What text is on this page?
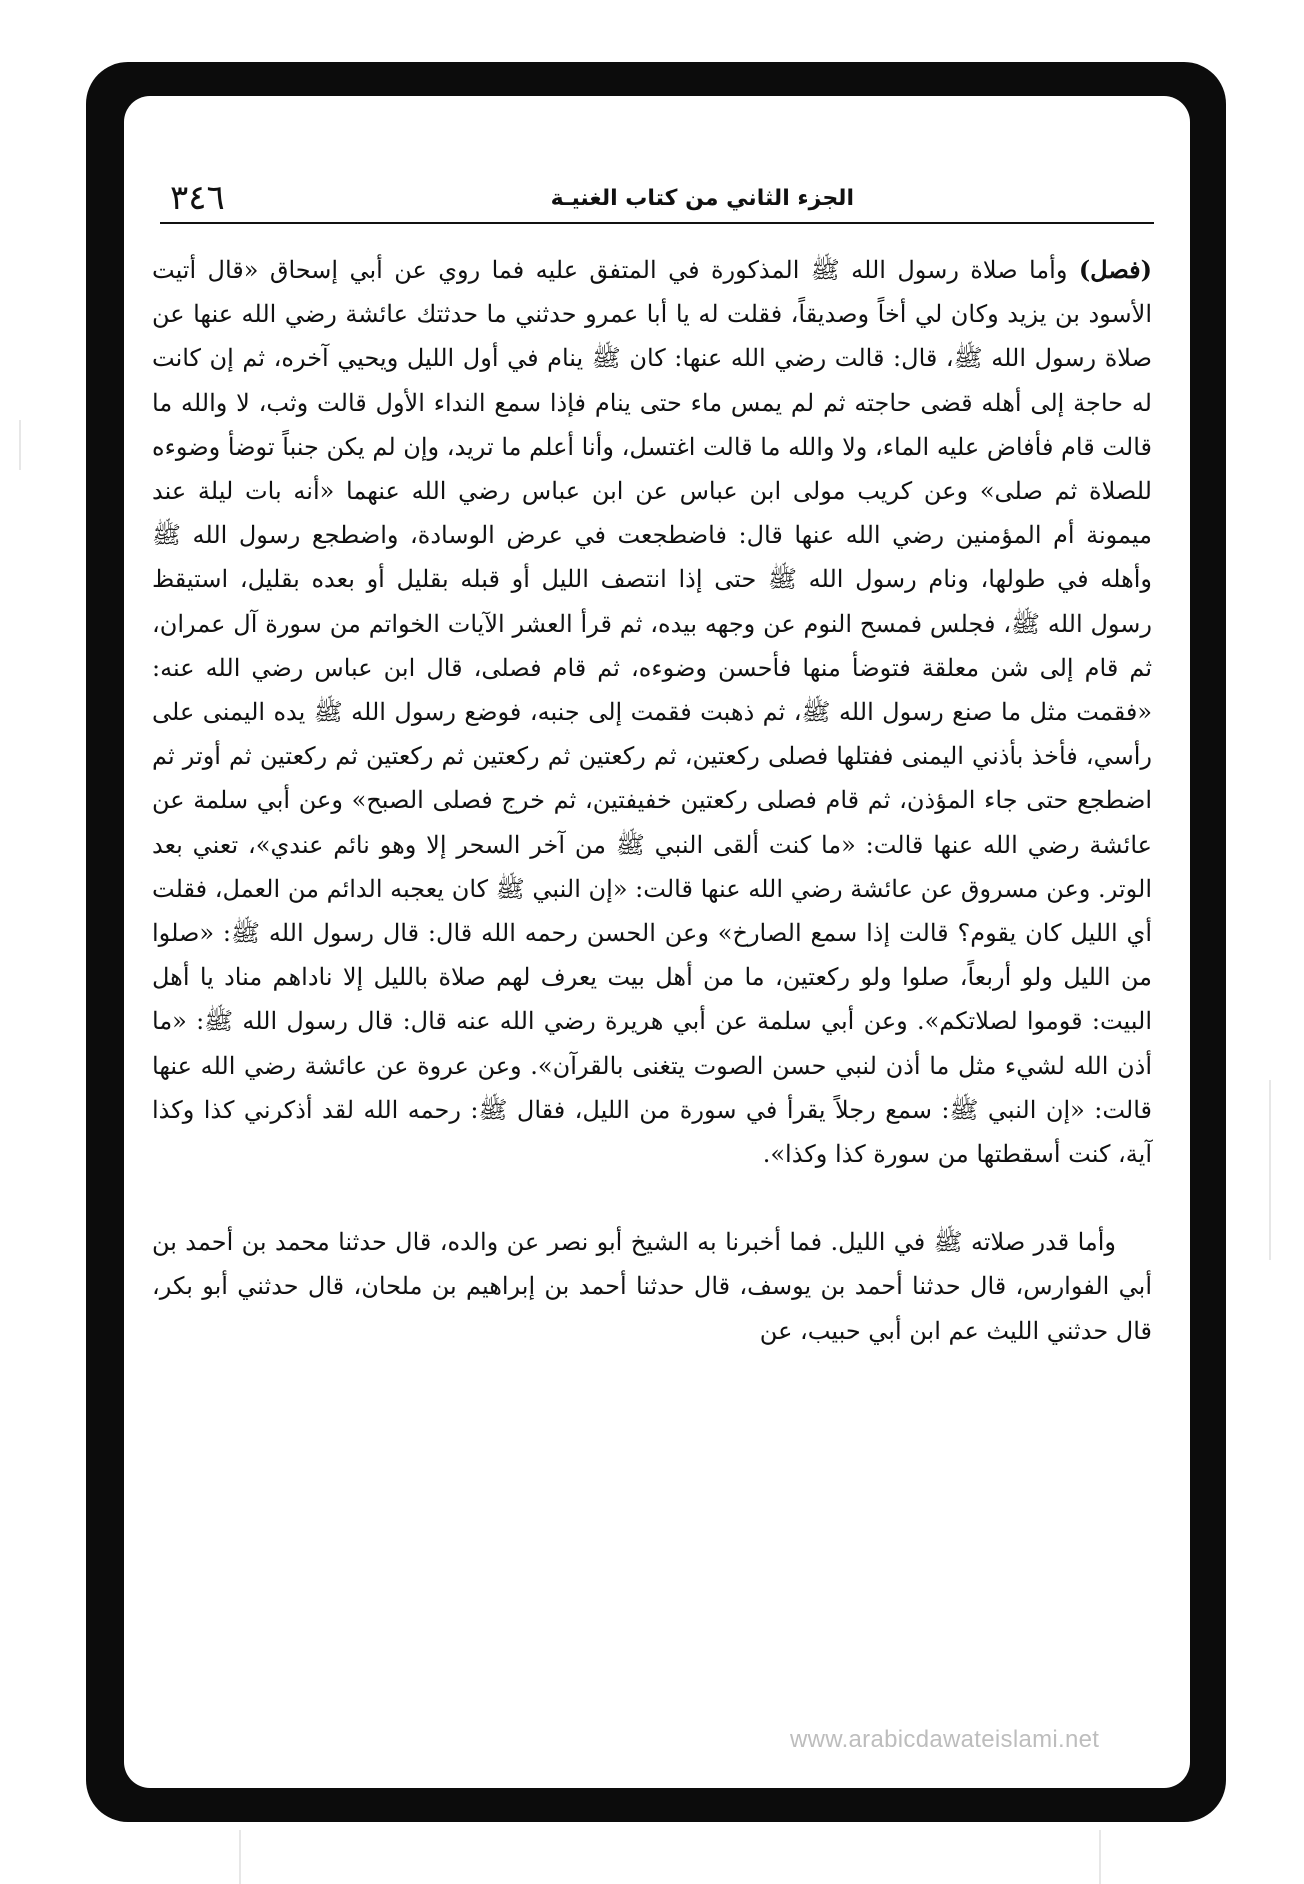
٣٤٦	الجزء الثاني من كتاب الغنيـة

(فصل) وأما صلاة رسول الله ﷺ المذكورة في المتفق عليه فما روي عن أبي إسحاق «قال أتيت الأسود بن يزيد وكان لي أخاً وصديقاً، فقلت له يا أبا عمرو حدثني ما حدثتك عائشة رضي الله عنها عن صلاة رسول الله ﷺ، قال: قالت رضي الله عنها: كان ﷺ ينام في أول الليل ويحيي آخره، ثم إن كانت له حاجة إلى أهله قضى حاجته ثم لم يمس ماء حتى ينام فإذا سمع النداء الأول قالت وثب، لا والله ما قالت قام فأفاض عليه الماء، ولا والله ما قالت اغتسل، وأنا أعلم ما تريد، وإن لم يكن جنباً توضأ وضوءه للصلاة ثم صلى» وعن كريب مولى ابن عباس عن ابن عباس رضي الله عنهما «أنه بات ليلة عند ميمونة أم المؤمنين رضي الله عنها قال: فاضطجعت في عرض الوسادة، واضطجع رسول الله ﷺ وأهله في طولها، ونام رسول الله ﷺ حتى إذا انتصف الليل أو قبله بقليل أو بعده بقليل، استيقظ رسول الله ﷺ، فجلس فمسح النوم عن وجهه بيده، ثم قرأ العشر الآيات الخواتم من سورة آل عمران، ثم قام إلى شن معلقة فتوضأ منها فأحسن وضوءه، ثم قام فصلى، قال ابن عباس رضي الله عنه: «فقمت مثل ما صنع رسول الله ﷺ، ثم ذهبت فقمت إلى جنبه، فوضع رسول الله ﷺ يده اليمنى على رأسي، فأخذ بأذني اليمنى ففتلها فصلى ركعتين، ثم ركعتين ثم ركعتين ثم ركعتين ثم ركعتين ثم أوتر ثم اضطجع حتى جاء المؤذن، ثم قام فصلى ركعتين خفيفتين، ثم خرج فصلى الصبح» وعن أبي سلمة عن عائشة رضي الله عنها قالت: «ما كنت ألقى النبي ﷺ من آخر السحر إلا وهو نائم عندي»، تعني بعد الوتر. وعن مسروق عن عائشة رضي الله عنها قالت: «إن النبي ﷺ كان يعجبه الدائم من العمل، فقلت أي الليل كان يقوم؟ قالت إذا سمع الصارخ» وعن الحسن رحمه الله قال: قال رسول الله ﷺ: «صلوا من الليل ولو أربعاً، صلوا ولو ركعتين، ما من أهل بيت يعرف لهم صلاة بالليل إلا ناداهم مناد يا أهل البيت: قوموا لصلاتكم». وعن أبي سلمة عن أبي هريرة رضي الله عنه قال: قال رسول الله ﷺ: «ما أذن الله لشيء مثل ما أذن لنبي حسن الصوت يتغنى بالقرآن». وعن عروة عن عائشة رضي الله عنها قالت: «إن النبي ﷺ: سمع رجلاً يقرأ في سورة من الليل، فقال ﷺ: رحمه الله لقد أذكرني كذا وكذا آية، كنت أسقطتها من سورة كذا وكذا».

وأما قدر صلاته ﷺ في الليل. فما أخبرنا به الشيخ أبو نصر عن والده، قال حدثنا محمد بن أحمد بن أبي الفوارس، قال حدثنا أحمد بن يوسف، قال حدثنا أحمد بن إبراهيم بن ملحان، قال حدثني أبو بكر، قال حدثني الليث عم ابن أبي حبيب، عن

www.arabicdawateislami.net
